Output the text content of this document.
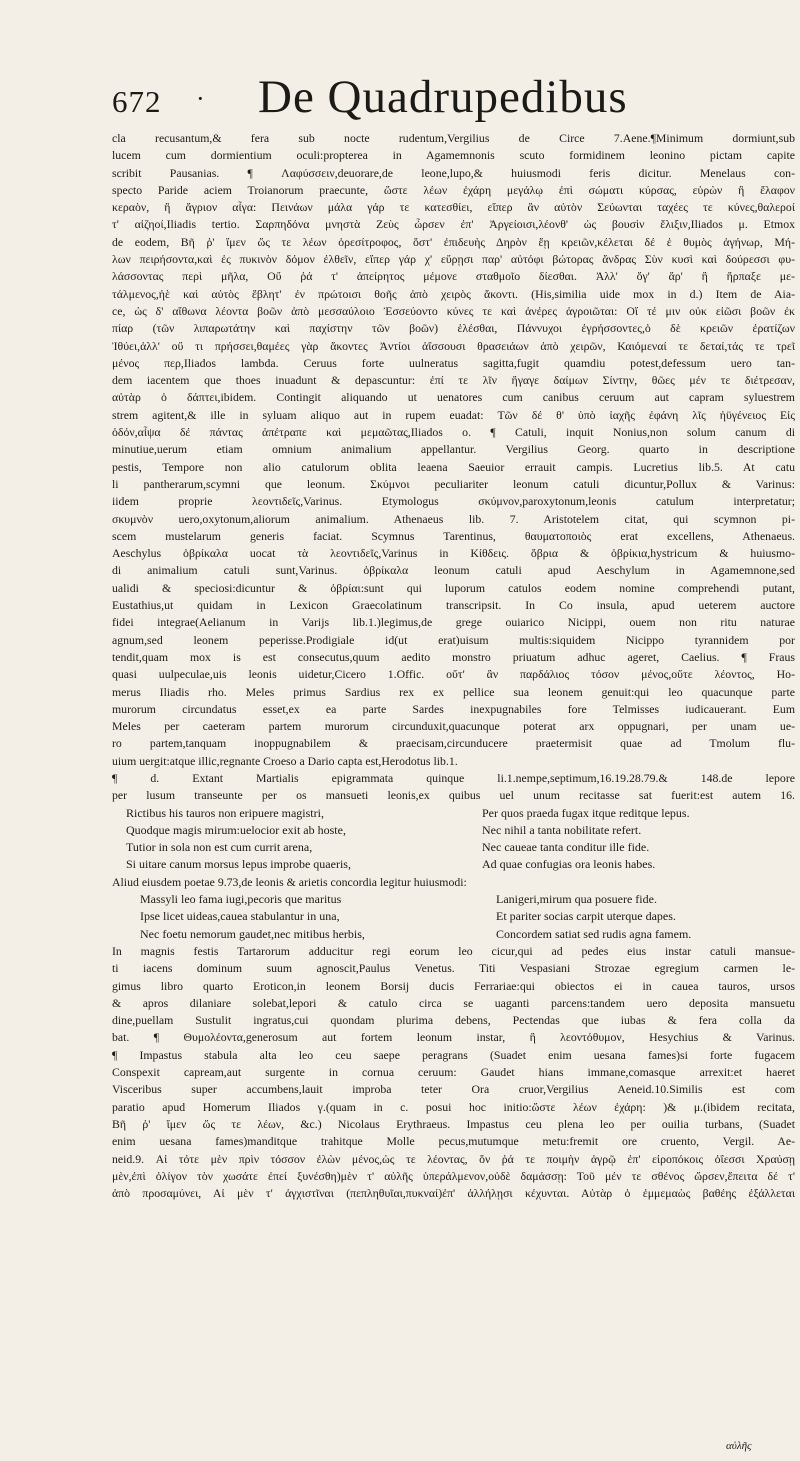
672 · De Quadrupedibus
cla recusantum,& fera sub nocte rudentum,Vergilius de Circe 7.Aene.¶Minimum dormiunt,sub
lucem cum dormientium oculi:propterea in Agamemnonis scuto formidinem leonino pictam capite
scribit Pausanias. ¶ Λαφύσσειν,deuorare,de leone,lupo,& huiusmodi feris dicitur. Menelaus con-
specto Paride aciem Troianorum praecunte, ὥστε λέων ἐχάρη μεγάλῳ ἐπὶ σώματι κύρσας, εὑρὼν ἢ ἔλαφον
κεραὸν, ἢ ἄγριον αἶγα: Πεινάων μάλα γάρ τε κατεσθίει, εἴπερ ἂν αὐτὸν Σεύωνται ταχέες τε κύνες,θαλεροί
τ' αἰζηοί,Iliadis tertio. Σαρπηδόνα μνηστὰ Ζεὺς ὦρσεν ἐπ' Ἀργείοισι,λέονθ' ὡς βουσὶν ἕλιξιν,Iliados μ. Etmox
de eodem, Βῆ ῥ' ἴμεν ὥς τε λέων ὀρεσίτροφος, ὅστ' ἐπιδευὴς Δηρὸν ἔῃ κρειῶν,κέλεται δέ ἑ θυμὸς ἀγήνωρ, Μή-
λων πειρήσοντα,καὶ ἐς πυκινὸν δόμον ἐλθεῖν, εἴπερ γάρ χ' εὕρῃσι παρ' αὐτόφι βώτορας ἄνδρας Σὺν κυσὶ καὶ δούρεσσι φυ-
λάσσοντας περὶ μῆλα, Οὔ ῥά τ' ἀπείρητος μέμονε σταθμοῖο δίεσθαι. Ἀλλ' ὅγ' ἄρ' ἢ ἥρπαξε με-
τάλμενος,ἠὲ καὶ αὐτὸς ἔβλητ' ἐν πρώτοισι θοῆς ἀπὸ χειρὸς ἄκοντι. (His,similia uide mox in d.) Item de Aia-
ce, ὡς δ' αἴθωνα λέοντα βοῶν ἀπὸ μεσσαύλοιο Ἐσσεύοντο κύνες τε καὶ ἀνέρες ἀγροιῶται: Οἵ τέ μιν οὐκ εἰῶσι βοῶν ἐκ
πίαρ (τῶν λιπαρωτάτην καὶ παχίστην τῶν βοῶν) ἑλέσθαι, Πάννυχοι ἐγρήσσοντες,ὁ δὲ κρειῶν ἐρατίζων
Ἰθύει,ἀλλ' οὔ τι πρήσσει,θαμέες γὰρ ἄκοντες Ἀντίοι ἀΐσσουσι θρασειάων ἀπὸ χειρῶν, Καιόμεναί τε δεταί,τάς τε τρεῖ
μένος περ,Iliados lambda. Ceruus forte uulneratus sagitta,fugit quamdiu potest,defessum uero tan-
dem iacentem que thoes inuadunt & depascuntur: ἐπί τε λῖν ἤγαγε δαίμων Σίντην, θῶες μέν τε διέτρεσαν,
αὐτὰρ ὁ δάπτει,ibidem. Contingit aliquando ut uenatores cum canibus ceruum aut capram syluestrem
strem agitent,& ille in syluam aliquo aut in rupem euadat: Τῶν δέ θ' ὑπὸ ἰαχῆς ἐφάνη λῖς ἠϋγένειος Εἰς
ὁδόν,αἶψα δέ πάντας ἀπέτραπε καὶ μεμαῶτας,Iliados ο. ¶ Catuli, inquit Nonius,non solum canum di
minutiue,uerum etiam omnium animalium appellantur. Vergilius Georg. quarto in descriptione
pestis, Tempore non alio catulorum oblita leaena Saeuior errauit campis. Lucretius lib.5. At catu
li pantherarum,scymni que leonum. Σκύμνοι peculiariter leonum catuli dicuntur,Pollux & Varinus:
iidem proprie λεοντιδεῖς,Varinus. Etymologus σκύμνον,paroxytonum,leonis catulum interpretatur;
σκυμνὸν uero,oxytonum,aliorum animalium. Athenaeus lib. 7. Aristotelem citat, qui scymnon pi-
scem mustelarum generis faciat. Scymnus Tarentinus, θαυματοποιὸς erat excellens, Athenaeus.
Aeschylus ὀβρίκαλα uocat τὰ λεοντιδεῖς,Varinus in Κίθδεις. ὄβρια & ὀβρίκια,hystricum & huiusmo-
di animalium catuli sunt,Varinus. ὀβρίκαλα leonum catuli apud Aeschylum in Agamemnone,sed
ualidi & speciosi:dicuntur & ὀβρίαι:sunt qui luporum catulos eodem nomine comprehendi putant,
Eustathius,ut quidam in Lexicon Graecolatinum transcripsit. In Co insula, apud ueterem auctore
fidei integrae(Aelianum in Varijs lib.1.)legimus,de grege ouiarico Nicippi, ouem non ritu naturae
agnum,sed leonem peperisse.Prodigiale id(ut erat)uisum multis:siquidem Nicippo tyrannidem por
tendit,quam mox is est consecutus,quum aedito monstro priuatum adhuc ageret, Caelius. ¶ Fraus
quasi uulpeculae,uis leonis uidetur,Cicero 1.Offic. οὔτ' ἂν παρδάλιος τόσον μένος,οὔτε λέοντος, Ho-
merus Iliadis rho. Meles primus Sardius rex ex pellice sua leonem genuit:qui leo quacunque parte
murorum circundatus esset,ex ea parte Sardes inexpugnabiles fore Telmisses iudicauerant. Eum
Meles per caeteram partem murorum circunduxit,quacunque poterat arx oppugnari, per unam ue-
ro partem,tanquam inoppugnabilem & praecisam,circunducere praetermisit quae ad Tmolum flu-
uium uergit:atque illic,regnante Croeso a Dario capta est,Herodotus lib.1.
¶ d. Extant Martialis epigrammata quinque li.1.nempe,septimum,16.19.28.79.& 148.de lepore
per lusum transeunte per os mansueti leonis,ex quibus uel unum recitasse sat fuerit:est autem 16.
Rictibus his tauros non eripuere magistri,	Per quos praeda fugax itque reditque lepus.
Quodque magis mirum:uelocior exit ab hoste,	Nec nihil a tanta nobilitate refert.
Tutior in sola non est cum currit arena,	Nec caueae tanta conditur ille fide.
Si uitare canum morsus lepus improbe quaeris,	Ad quae confugias ora leonis habes.
Aliud eiusdem poetae 9.73,de leonis & arietis concordia legitur huiusmodi:
Massyli leo fama iugi,pecoris que maritus	Lanigeri,mirum qua posuere fide.
Ipse licet uideas,cauea stabulantur in una,	Et pariter socias carpit uterque dapes.
Nec foetu nemorum gaudet,nec mitibus herbis,	Concordem satiat sed rudis agna famem.
In magnis festis Tartarorum adducitur regi eorum leo cicur,qui ad pedes eius instar catuli mansue-
ti iacens dominum suum agnoscit,Paulus Venetus. Titi Vespasiani Strozae egregium carmen le-
gimus libro quarto Eroticon,in leonem Borsij ducis Ferrariae:qui obiectos ei in cauea tauros, ursos
& apros dilaniare solebat,lepori & catulo circa se uaganti parcens:tandem uero deposita mansuetu
dine,puellam Sustulit ingratus,cui quondam plurima debens, Pectendas que iubas & fera colla da
bat. ¶ Θυμολέοντα,generosum aut fortem leonum instar, ἢ λεοντόθυμον, Hesychius & Varinus.
¶ Impastus stabula alta leo ceu saepe peragrans (Suadet enim uesana fames)si forte fugacem
Conspexit capream,aut surgente in cornua ceruum: Gaudet hians immane,comasque arrexit:et haeret
Visceribus super accumbens,lauit improba teter Ora cruor,Vergilius Aeneid.10.Similis est com
paratio apud Homerum Iliados γ.(quam in c. posui hoc initio:ὥστε λέων ἐχάρη: )& μ.(ibidem recitata,
Βῆ ῥ' ἴμεν ὥς τε λέων, &c.) Nicolaus Erythraeus. Impastus ceu plena leo per ouilia turbans, (Suadet
enim uesana fames)manditque trahitque Molle pecus,mutumque metu:fremit ore cruento, Vergil. Ae-
neid.9. Αἰ τότε μὲν πρὶν τόσσον ἐλὼν μένος,ὡς τε λέοντας, ὅν ῥά τε ποιμὴν ἀγρῷ ἐπ' εἰροπόκοις ὀΐεσσι Χραύσῃ
μὲν,ἐπὶ ὀλίγον τὸν χωσάτε ἐπεί ξυνέσθη)μὲν τ' αὐλῆς ὑπεράλμενον,οὐδὲ δαμάσσῃ: Τοῦ μέν τε σθένος ὤρσεν,ἔπειτα δέ τ'
ἀπὸ προσαμύνει, Αἱ μὲν τ' ἀγχιστῖναι (πεπληθυῖαι,πυκναί)ἐπ' ἀλλήλῃσι κέχυνται. Αὐτὰρ ὁ ἐμμεμαὼς βαθέης ἐξάλλεται
αὐλῆς
